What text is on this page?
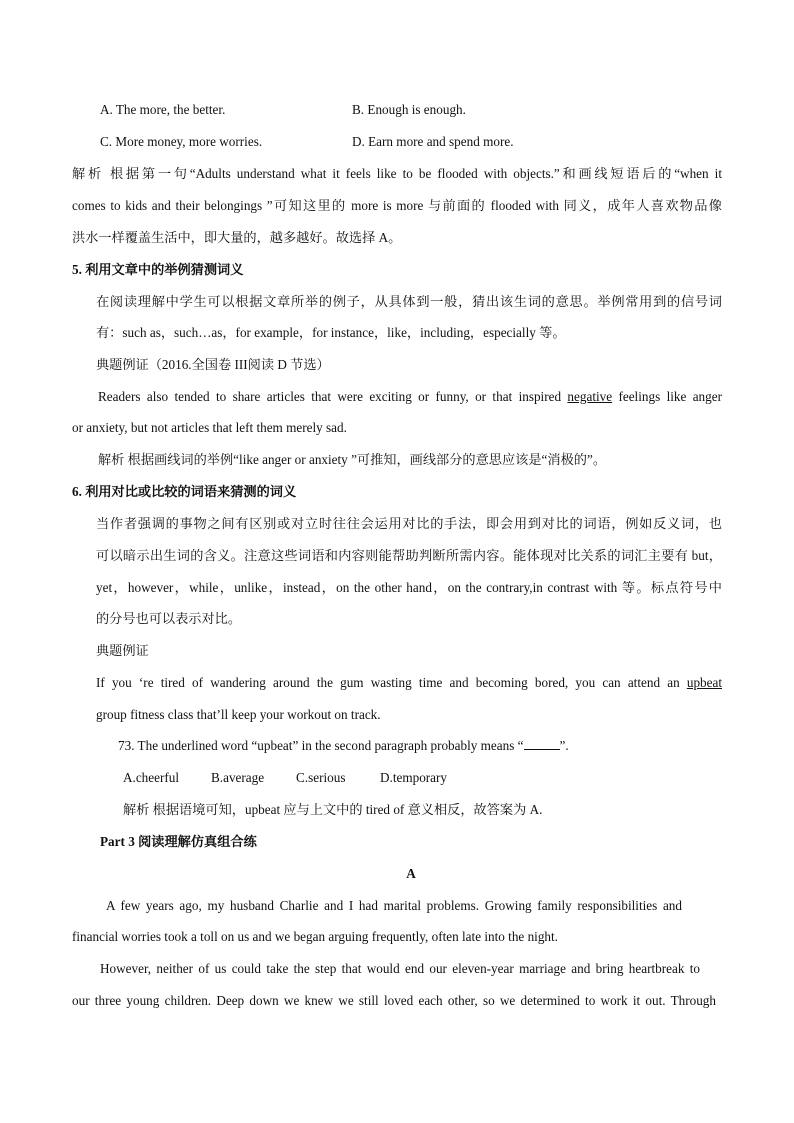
A. The more, the better.	B. Enough is enough.
C. More money, more worries.	D. Earn more and spend more.
解析 根据第一句“Adults understand what it feels like to be flooded with objects.”和画线短语后的“when it
comes to kids and their belongings ”可知这里的 more is more 与前面的 flooded with 同义，成年人喜欢物品像
洪水一样覆盖生活中，即大量的，越多越好。故选择 A。
5. 利用文章中的举例猜测词义
在阅读理解中学生可以根据文章所举的例子，从具体到一般，猜出该生词的意思。举例常用到的信号词
有：such as，such…as，for example，for instance，like，including，especially 等。
典题例证（2016.全国卷 III阅读 D 节选）
Readers also tended to share articles that were exciting or funny, or that inspired negative feelings like anger
or anxiety, but not articles that left them merely sad.
解析 根据画线词的举例“like anger or anxiety ”可推知，画线部分的意思应该是“消极的”。
6. 利用对比或比较的词语来猜测的词义
当作者强调的事物之间有区别或对立时往往会运用对比的手法，即会用到对比的词语，例如反义词，也
可以暗示出生词的含义。注意这些词语和内容则能帮助判断所需内容。能体现对比关系的词汇主要有 but，
yet，however，while，unlike，instead，on the other hand，on the contrary,in contrast with 等。标点符号中
的分号也可以表示对比。
典题例证
If you ‘re tired of wandering around the gum wasting time and becoming bored, you can attend an upbeat
group fitness class that’ll keep your workout on track.
73. The underlined word “upbeat” in the second paragraph probably means “	”.
A.cheerful B.average C.serious	D.temporary
解析 根据语境可知，upbeat 应与上文中的 tired of 意义相反，故答案为 A.
Part 3 阅读理解仿真组合练
A
A few years ago, my husband Charlie and I had marital problems. Growing family responsibilities and
financial worries took a toll on us and we began arguing frequently, often late into the night.
However, neither of us could take the step that would end our eleven-year marriage and bring heartbreak to
our three young children. Deep down we knew we still loved each other, so we determined to work it out. Through
